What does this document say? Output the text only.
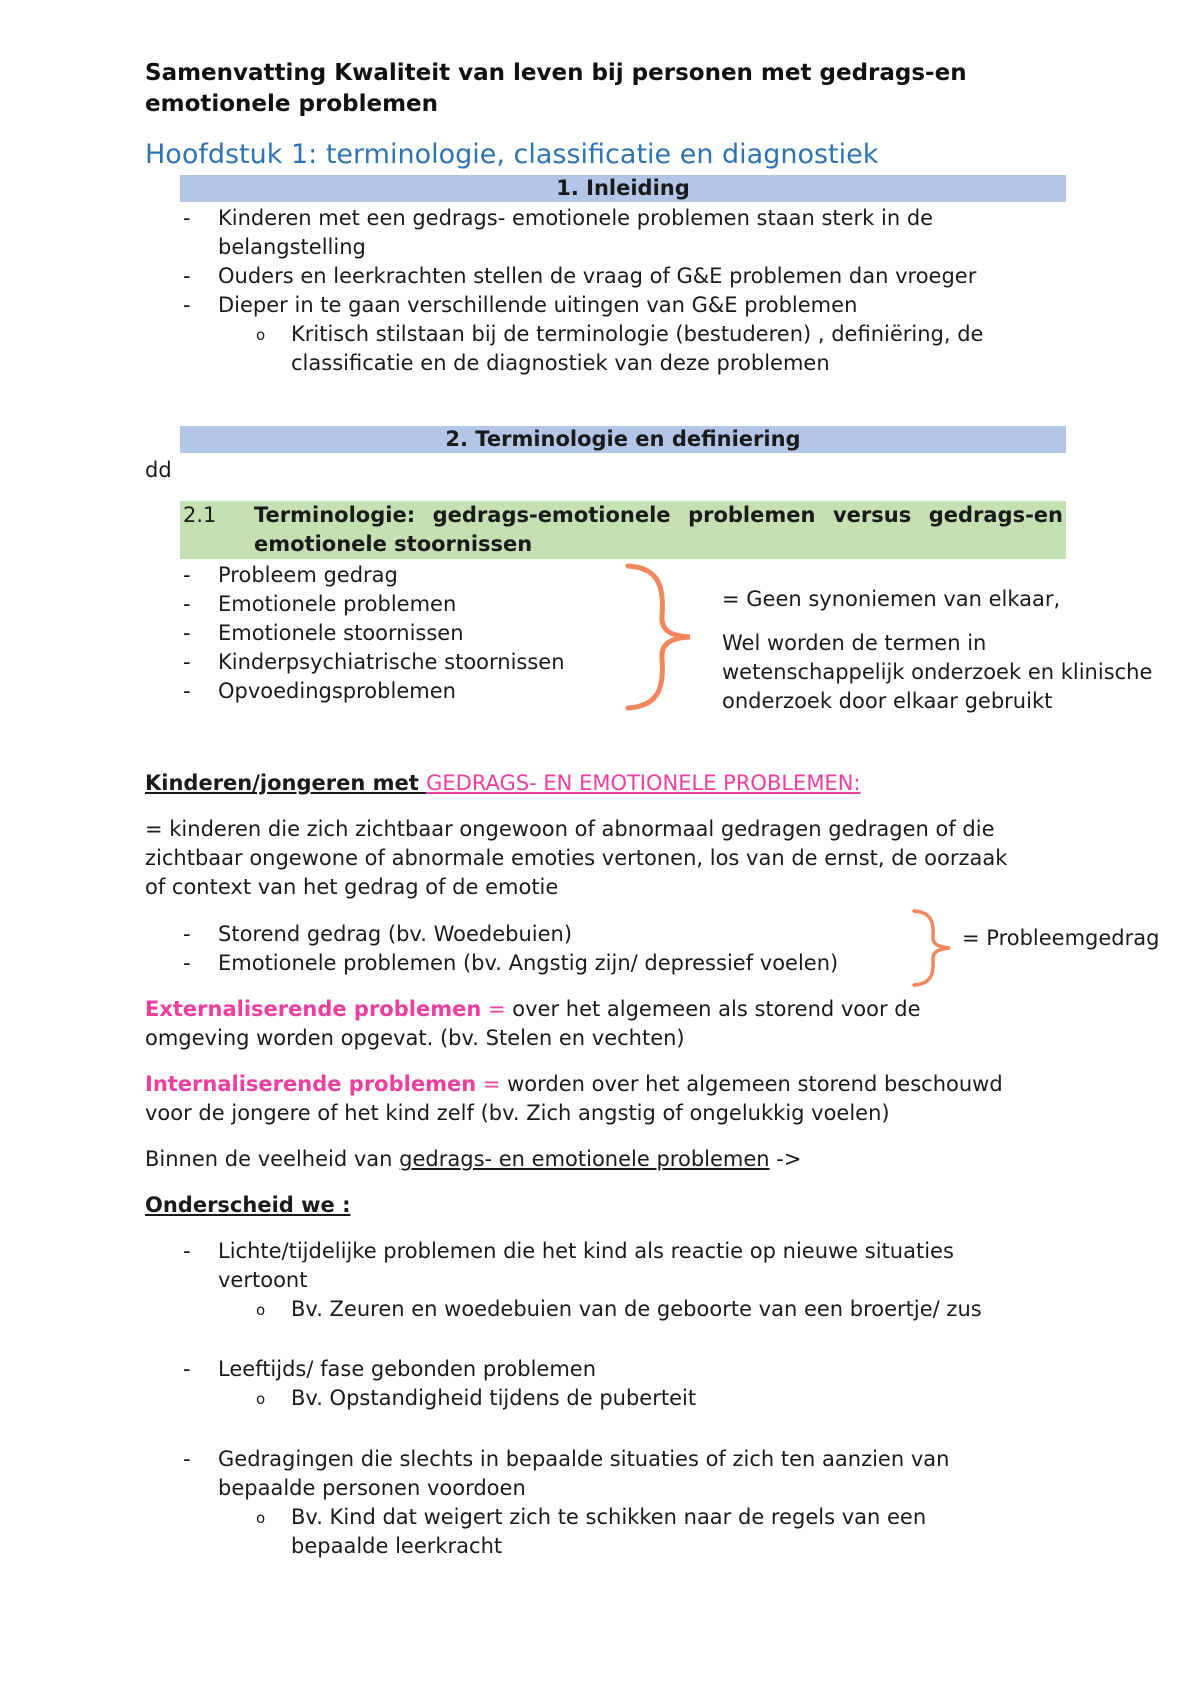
Samenvatting Kwaliteit van leven bij personen met gedrags-en
emotionele problemen
Hoofdstuk 1: terminologie, classificatie en diagnostiek
1. Inleiding
- Kinderen met een gedrags- emotionele problemen staan sterk in de
belangstelling
- Ouders en leerkrachten stellen de vraag of G&E problemen dan vroeger
- Dieper in te gaan verschillende uitingen van G&E problemen
o Kritisch stilstaan bij de terminologie (bestuderen) , definiëring, de
classificatie en de diagnostiek van deze problemen
2. Terminologie en definiering
dd
2.1 Terminologie: gedrags-emotionele problemen versus gedrags-en
emotionele stoornissen
- Probleem gedrag
- Emotionele problemen
- Emotionele stoornissen
- Kinderpsychiatrische stoornissen
- Opvoedingsproblemen
= Geen synoniemen van elkaar,
Wel worden de termen in
wetenschappelijk onderzoek en klinische
onderzoek door elkaar gebruikt
Kinderen/jongeren met GEDRAGS- EN EMOTIONELE PROBLEMEN:
= kinderen die zich zichtbaar ongewoon of abnormaal gedragen gedragen of die
zichtbaar ongewone of abnormale emoties vertonen, los van de ernst, de oorzaak
of context van het gedrag of de emotie
- Storend gedrag (bv. Woedebuien)
- Emotionele problemen (bv. Angstig zijn/ depressief voelen)
= Probleemgedrag
Externaliserende problemen = over het algemeen als storend voor de
omgeving worden opgevat. (bv. Stelen en vechten)
Internaliserende problemen = worden over het algemeen storend beschouwd
voor de jongere of het kind zelf (bv. Zich angstig of ongelukkig voelen)
Binnen de veelheid van gedrags- en emotionele problemen ->
Onderscheid we :
- Lichte/tijdelijke problemen die het kind als reactie op nieuwe situaties
vertoont
o Bv. Zeuren en woedebuien van de geboorte van een broertje/ zus
- Leeftijds/ fase gebonden problemen
o Bv. Opstandigheid tijdens de puberteit
- Gedragingen die slechts in bepaalde situaties of zich ten aanzien van
bepaalde personen voordoen
o Bv. Kind dat weigert zich te schikken naar de regels van een
bepaalde leerkracht
